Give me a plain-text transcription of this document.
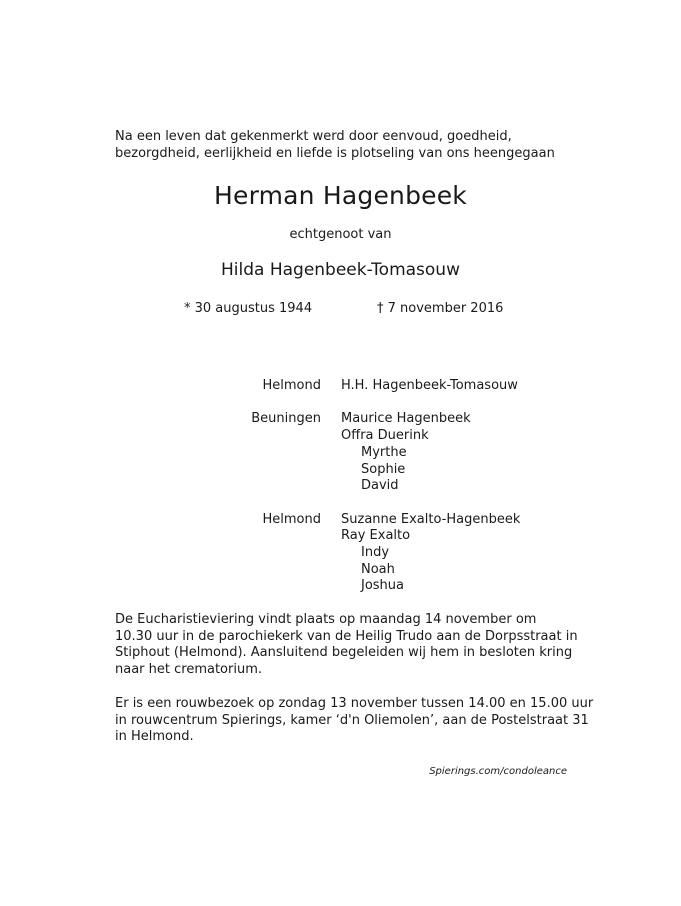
Na een leven dat gekenmerkt werd door eenvoud, goedheid,
bezorgdheid, eerlijkheid en liefde is plotseling van ons heengegaan
Herman Hagenbeek
echtgenoot van
Hilda Hagenbeek-Tomasouw
* 30 augustus 1944	† 7 november 2016
Helmond H.H. Hagenbeek-Tomasouw
Beuningen Maurice Hagenbeek
Offra Duerink
Myrthe
Sophie
David
Helmond Suzanne Exalto-Hagenbeek
Ray Exalto
Indy
Noah
Joshua
De Eucharistieviering vindt plaats op maandag 14 november om
10.30 uur in de parochiekerk van de Heilig Trudo aan de Dorpsstraat in
Stiphout (Helmond). Aansluitend begeleiden wij hem in besloten kring
naar het crematorium.
Er is een rouwbezoek op zondag 13 november tussen 14.00 en 15.00 uur
in rouwcentrum Spierings, kamer ‘d'n Oliemolen’, aan de Postelstraat 31
in Helmond.
Spierings.com/condoleance
